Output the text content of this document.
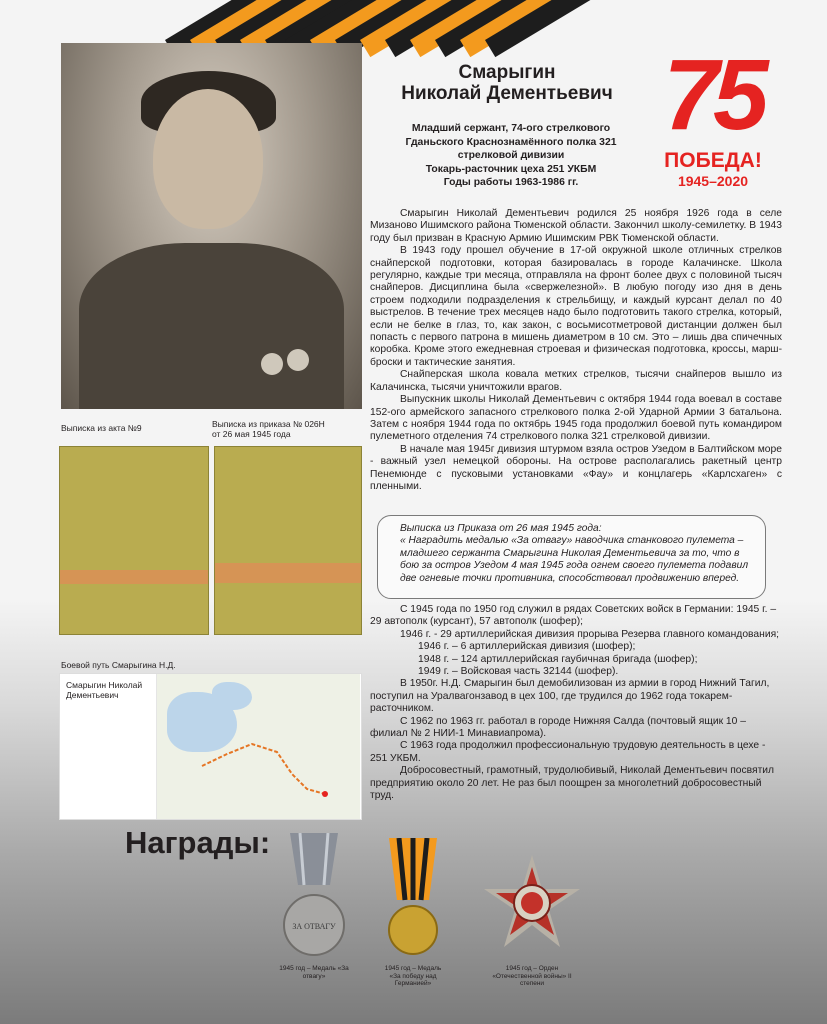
Смарыгин
Николай Дементьевич
Младший сержант, 74-ого стрелкового
Гданьского Краснознамённого полка 321
стрелковой дивизии
Токарь-расточник цеха 251 УКБМ
Годы работы 1963-1986 гг.
75
ПОБЕДА!
1945–2020

Смарыгин Николай Дементьевич родился 25 ноября 1926 года в селе Мизаново Ишимского района Тюменской области. Закончил школу-семилетку. В 1943 году был призван в Красную Армию Ишимским РВК Тюменской области.

В 1943 году прошел обучение в 17-ой окружной школе отличных стрелков снайперской подготовки, которая базировалась в городе Калачинске. Школа регулярно, каждые три месяца, отправляла на фронт более двух с половиной тысяч снайперов. Дисциплина была «свержелезной». В любую погоду изо дня в день строем подходили подразделения к стрельбищу, и каждый курсант делал по 40 выстрелов. В течение трех месяцев надо было подготовить такого стрелка, который, если не белке в глаз, то, как закон, с восьмисотметровой дистанции должен был попасть с первого патрона в мишень диаметром в 10 см. Это – лишь два спичечных коробка. Кроме этого ежедневная строевая и физическая подготовка, кроссы, марш-броски и тактические занятия.

Снайперская школа ковала метких стрелков, тысячи снайперов вышло из Калачинска, тысячи уничтожили врагов.

Выпускник школы Николай Дементьевич с октября 1944 года воевал в составе 152-ого армейского запасного стрелкового полка 2-ой Ударной Армии 3 батальона. Затем с ноября 1944 года по октябрь 1945 года продолжил боевой путь командиром пулеметного отделения 74 стрелкового полка 321 стрелковой дивизии.

В начале мая 1945г дивизия штурмом взяла остров Узедом в Балтийском море - важный узел немецкой обороны. На острове располагались ракетный центр Пенемюнде с пусковыми установками «Фау» и концлагерь «Карлсхаген» с пленными.

Выписка из Приказа от 26 мая 1945 года:
« Наградить медалью «За отвагу» наводчика станкового пулемета – младшего сержанта Смарыгина Николая Дементьевича за то, что в бою за остров Узедом 4 мая 1945 года огнем своего пулемета подавил две огневые точки противника, способствовал продвижению вперед.
Выписка из акта №9	Выписка из приказа № 026Н
от 26 мая 1945 года
Боевой путь Смарыгина Н.Д.
Смарыгин Николай Дементьевич

С 1945 года по 1950 год служил в рядах Советских войск в Германии: 1945 г. – 29 автополк (курсант), 57 автополк (шофер);

1946 г. - 29 артиллерийская дивизия прорыва Резерва главного командования;

1946 г. – 6 артиллерийская дивизия (шофер);

1948 г. – 124 артиллерийская гаубичная бригада (шофер);

1949 г. – Войсковая часть 32144 (шофер).

В 1950г. Н.Д. Смарыгин был демобилизован из армии в город Нижний Тагил, поступил на Уралвагонзавод в цех 100, где трудился до 1962 года токарем-расточником.

С 1962 по 1963 гг. работал в городе Нижняя Салда (почтовый ящик 10 – филиал № 2 НИИ-1 Минавиапрома).

С 1963 года продолжил профессиональную трудовую деятельность в цехе - 251 УКБМ.

Добросовестный, грамотный, трудолюбивый, Николай Дементьевич посвятил предприятию около 20 лет. Не раз был поощрен за многолетний добросовестный труд.

Награды:
ЗА ОТВАГУ
1945 год – Медаль «За отвагу»
1945 год – Медаль «За победу над Германией»
1945 год – Орден «Отечественной войны» II степени
